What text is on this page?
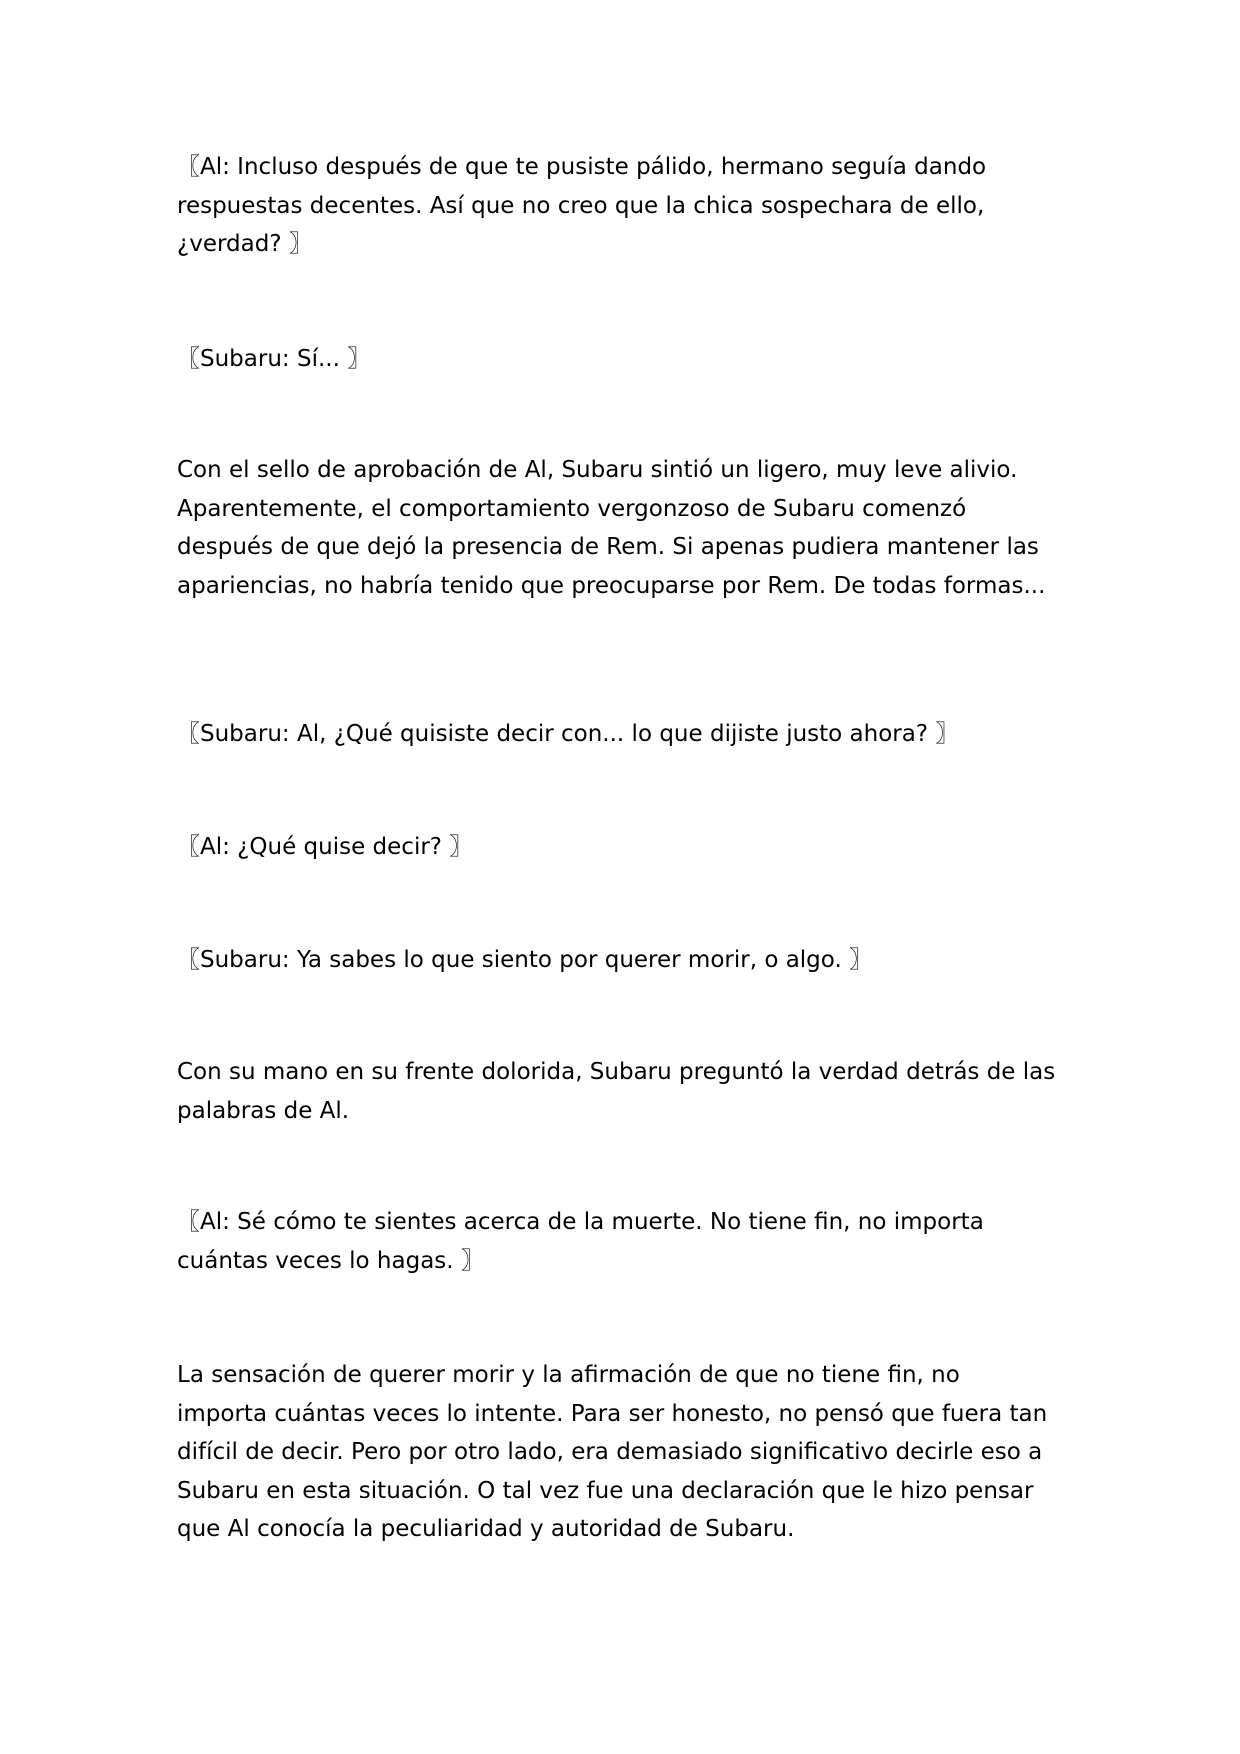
〖Al: Incluso después de que te pusiste pálido, hermano seguía dando respuestas decentes. Así que no creo que la chica sospechara de ello, ¿verdad? 〗

〖Subaru: Sí... 〗

Con el sello de aprobación de Al, Subaru sintió un ligero, muy leve alivio. Aparentemente, el comportamiento vergonzoso de Subaru comenzó después de que dejó la presencia de Rem. Si apenas pudiera mantener las apariencias, no habría tenido que preocuparse por Rem. De todas formas...

〖Subaru: Al, ¿Qué quisiste decir con... lo que dijiste justo ahora? 〗

〖Al: ¿Qué quise decir? 〗

〖Subaru: Ya sabes lo que siento por querer morir, o algo. 〗

Con su mano en su frente dolorida, Subaru preguntó la verdad detrás de las palabras de Al.

〖Al: Sé cómo te sientes acerca de la muerte. No tiene fin, no importa cuántas veces lo hagas. 〗

La sensación de querer morir y la afirmación de que no tiene fin, no importa cuántas veces lo intente. Para ser honesto, no pensó que fuera tan difícil de decir. Pero por otro lado, era demasiado significativo decirle eso a Subaru en esta situación. O tal vez fue una declaración que le hizo pensar que Al conocía la peculiaridad y autoridad de Subaru.
